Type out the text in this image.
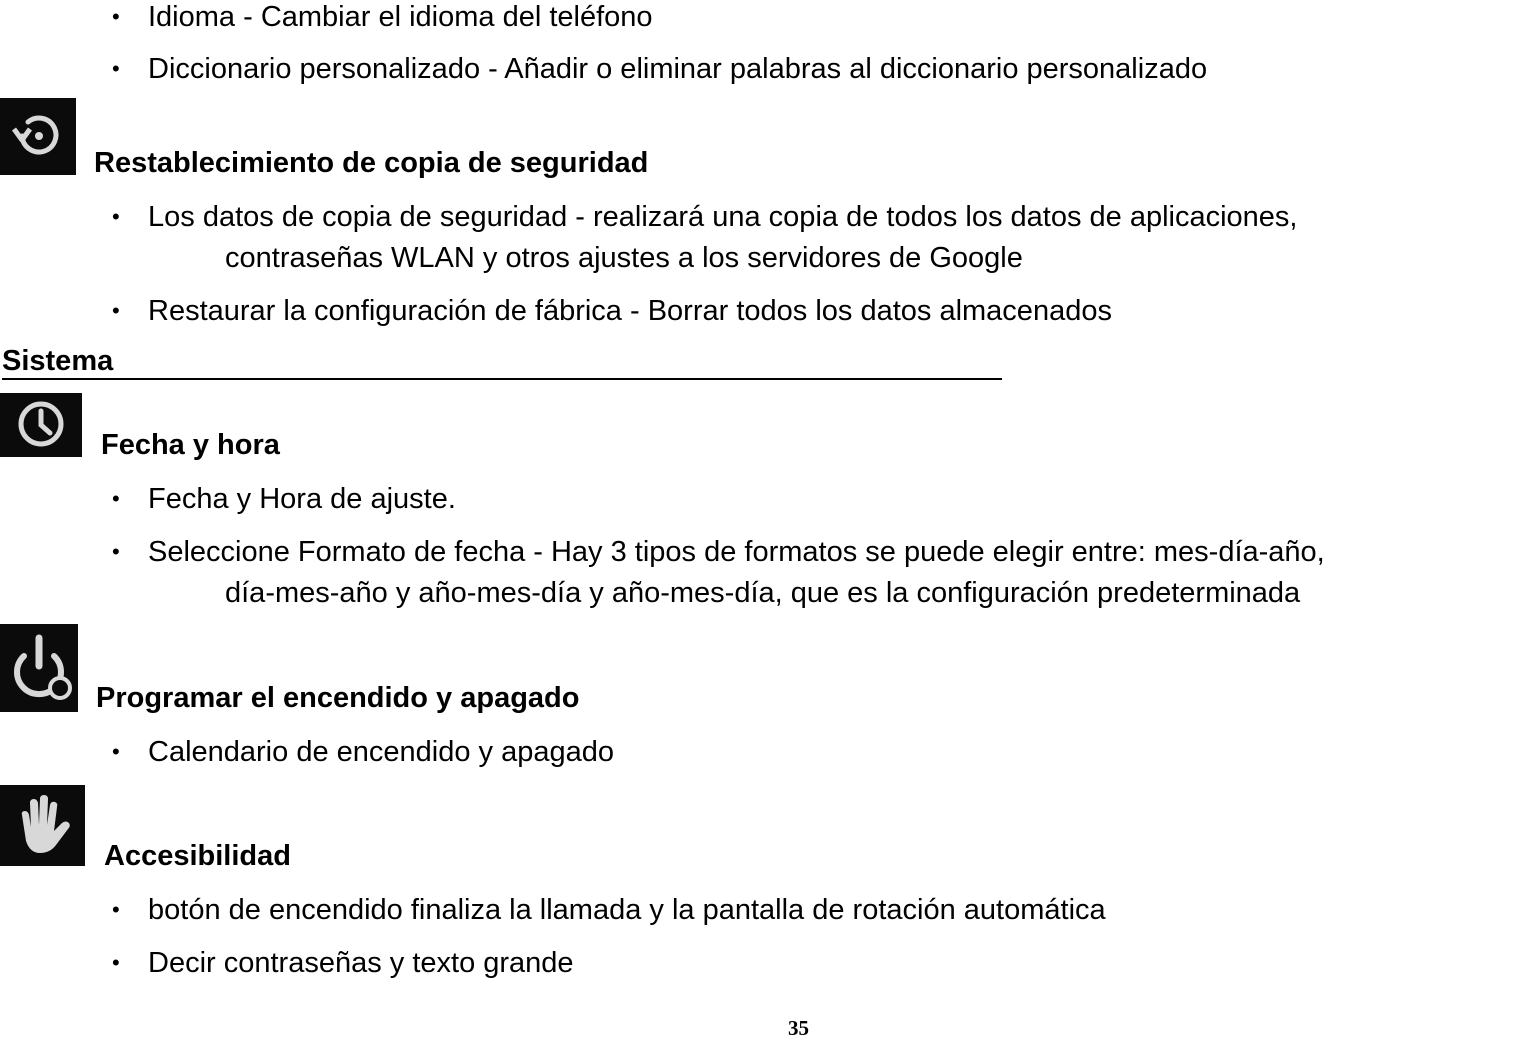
• Idioma - Cambiar el idioma del teléfono
• Diccionario personalizado - Añadir o eliminar palabras al diccionario personalizado
Restablecimiento de copia de seguridad
• Los datos de copia de seguridad - realizará una copia de todos los datos de aplicaciones,
contraseñas WLAN y otros ajustes a los servidores de Google
• Restaurar la configuración de fábrica - Borrar todos los datos almacenados
Sistema
Fecha y hora
• Fecha y Hora de ajuste.
• Seleccione Formato de fecha - Hay 3 tipos de formatos se puede elegir entre: mes-día-año,
día-mes-año y año-mes-día y año-mes-día, que es la configuración predeterminada
Programar el encendido y apagado
• Calendario de encendido y apagado
Accesibilidad
• botón de encendido finaliza la llamada y la pantalla de rotación automática
• Decir contraseñas y texto grande
35
